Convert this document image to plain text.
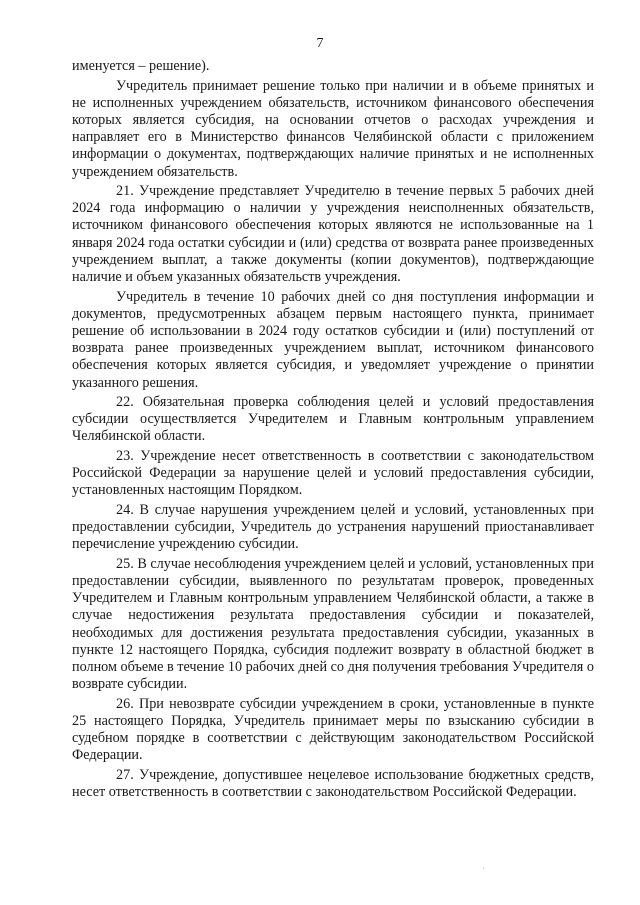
7

именуется – решение).

Учредитель принимает решение только при наличии и в объеме принятых и не исполненных учреждением обязательств, источником финансового обеспечения которых является субсидия, на основании отчетов о расходах учреждения и направляет его в Министерство финансов Челябинской области с приложением информации о документах, подтверждающих наличие принятых и не исполненных учреждением обязательств.

21. Учреждение представляет Учредителю в течение первых 5 рабочих дней 2024 года информацию о наличии у учреждения неисполненных обязательств, источником финансового обеспечения которых являются не использованные на 1 января 2024 года остатки субсидии и (или) средства от возврата ранее произведенных учреждением выплат, а также документы (копии документов), подтверждающие наличие и объем указанных обязательств учреждения.

Учредитель в течение 10 рабочих дней со дня поступления информации и документов, предусмотренных абзацем первым настоящего пункта, принимает решение об использовании в 2024 году остатков субсидии и (или) поступлений от возврата ранее произведенных учреждением выплат, источником финансового обеспечения которых является субсидия, и уведомляет учреждение о принятии указанного решения.

22. Обязательная проверка соблюдения целей и условий предоставления субсидии осуществляется Учредителем и Главным контрольным управлением Челябинской области.

23. Учреждение несет ответственность в соответствии с законодательством Российской Федерации за нарушение целей и условий предоставления субсидии, установленных настоящим Порядком.

24. В случае нарушения учреждением целей и условий, установленных при предоставлении субсидии, Учредитель до устранения нарушений приостанавливает перечисление учреждению субсидии.

25. В случае несоблюдения учреждением целей и условий, установленных при предоставлении субсидии, выявленного по результатам проверок, проведенных Учредителем и Главным контрольным управлением Челябинской области, а также в случае недостижения результата предоставления субсидии и показателей, необходимых для достижения результата предоставления субсидии, указанных в пункте 12 настоящего Порядка, субсидия подлежит возврату в областной бюджет в полном объеме в течение 10 рабочих дней со дня получения требования Учредителя о возврате субсидии.

26. При невозврате субсидии учреждением в сроки, установленные в пункте 25 настоящего Порядка, Учредитель принимает меры по взысканию субсидии в судебном порядке в соответствии с действующим законодательством Российской Федерации.

27. Учреждение, допустившее нецелевое использование бюджетных средств, несет ответственность в соответствии с законодательством Российской Федерации.
